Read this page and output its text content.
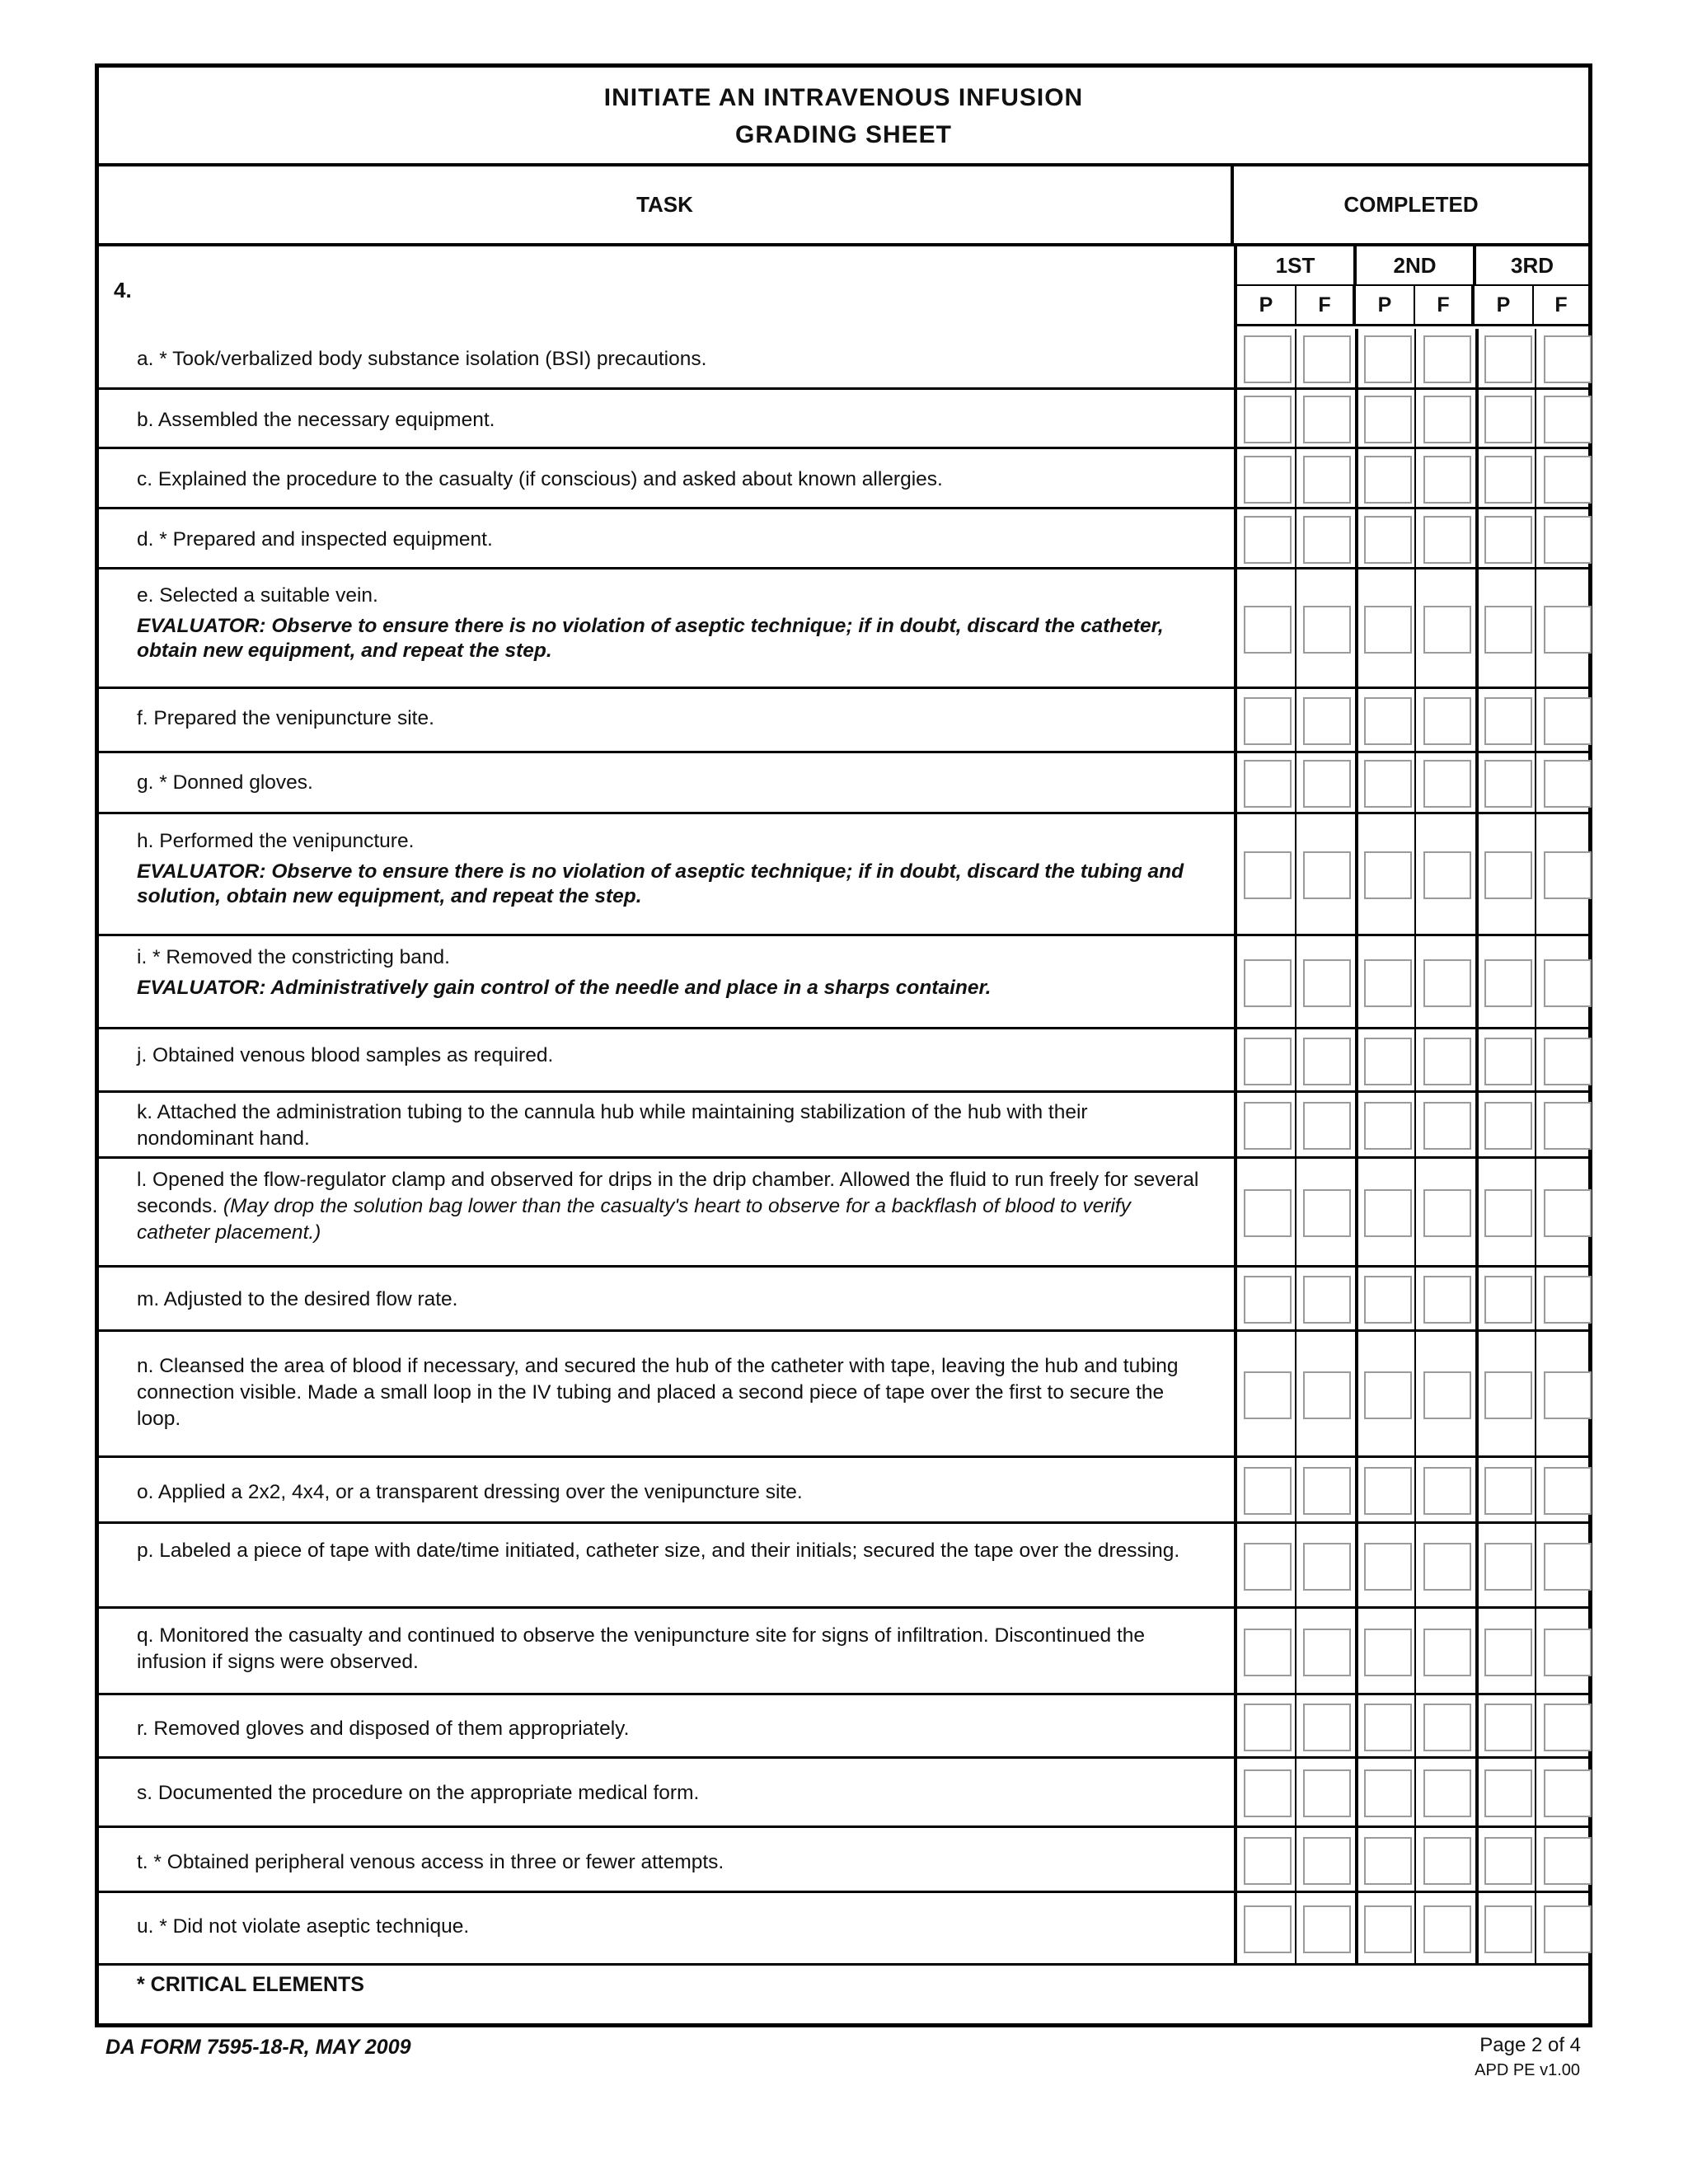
INITIATE AN INTRAVENOUS INFUSION
GRADING SHEET
TASK	COMPLETED
4.
1ST	2ND	3RD
P	F	P	F	P	F
a. * Took/verbalized body substance isolation (BSI) precautions.
b. Assembled the necessary equipment.
c. Explained the procedure to the casualty (if conscious) and asked about known allergies.
d. * Prepared and inspected equipment.
e. Selected a suitable vein.
EVALUATOR: Observe to ensure there is no violation of aseptic technique; if in doubt, discard the catheter, obtain new equipment, and repeat the step.
f. Prepared the venipuncture site.
g. * Donned gloves.
h. Performed the venipuncture.
EVALUATOR: Observe to ensure there is no violation of aseptic technique; if in doubt, discard the tubing and solution, obtain new equipment, and repeat the step.
i. * Removed the constricting band.
EVALUATOR: Administratively gain control of the needle and place in a sharps container.
j. Obtained venous blood samples as required.
k. Attached the administration tubing to the cannula hub while maintaining stabilization of the hub with their nondominant hand.
l. Opened the flow-regulator clamp and observed for drips in the drip chamber. Allowed the fluid to run freely for several seconds. (May drop the solution bag lower than the casualty's heart to observe for a backflash of blood to verify catheter placement.)
m. Adjusted to the desired flow rate.
n. Cleansed the area of blood if necessary, and secured the hub of the catheter with tape, leaving the hub and tubing connection visible. Made a small loop in the IV tubing and placed a second piece of tape over the first to secure the loop.
o. Applied a 2x2, 4x4, or a transparent dressing over the venipuncture site.
p. Labeled a piece of tape with date/time initiated, catheter size, and their initials; secured the tape over the dressing.
q. Monitored the casualty and continued to observe the venipuncture site for signs of infiltration. Discontinued the infusion if signs were observed.
r. Removed gloves and disposed of them appropriately.
s. Documented the procedure on the appropriate medical form.
t. * Obtained peripheral venous access in three or fewer attempts.
u. * Did not violate aseptic technique.
* CRITICAL ELEMENTS
DA FORM 7595-18-R, MAY 2009	Page 2 of 4
APD PE v1.00
